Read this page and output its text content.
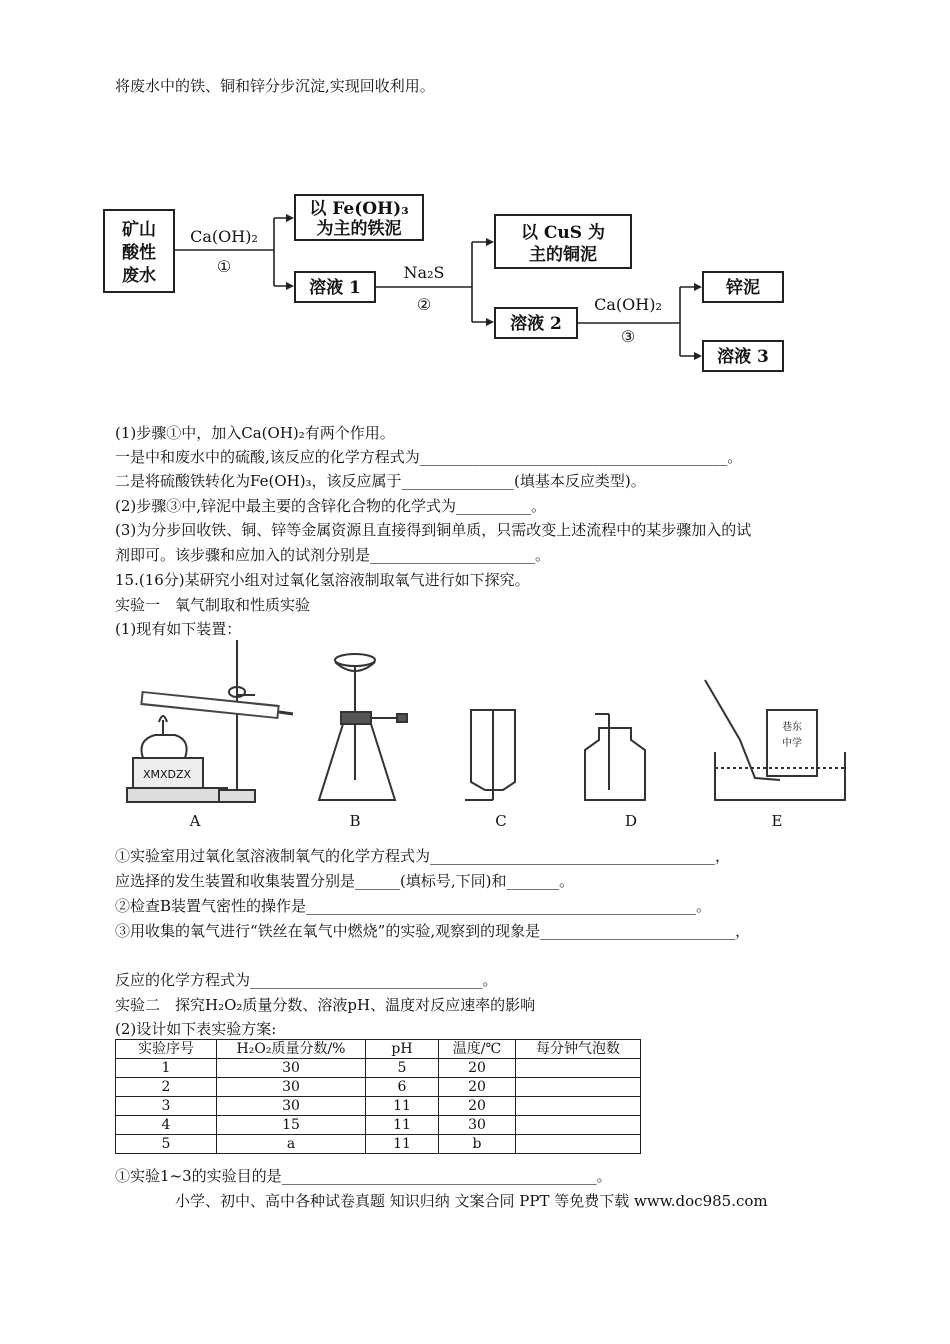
将废水中的铁、铜和锌分步沉淀,实现回收利用。
矿山
酸性
废水
Ca(OH)₂
①
以 Fe(OH)₃
为主的铁泥
溶液 1
Na₂S
②
以 CuS 为
主的铜泥
溶液 2
Ca(OH)₂
③
锌泥
溶液 3
(1)步骤①中，加入Ca(OH)₂有两个作用。
一是中和废水中的硫酸,该反应的化学方程式为_________________________________________。
二是将硫酸铁转化为Fe(OH)₃，该反应属于_______________(填基本反应类型)。
(2)步骤③中,锌泥中最主要的含锌化合物的化学式为__________。
(3)为分步回收铁、铜、锌等金属资源且直接得到铜单质，只需改变上述流程中的某步骤加入的试
剂即可。该步骤和应加入的试剂分别是______________________。
15.(16分)某研究小组对过氧化氢溶液制取氧气进行如下探究。
实验一　氧气制取和性质实验
(1)现有如下装置：
XMXDZX
巷东
中学
A	B	C	D	E
①实验室用过氧化氢溶液制氧气的化学方程式为______________________________________，
应选择的发生装置和收集装置分别是______(填标号,下同)和_______。
②检查B装置气密性的操作是____________________________________________________。
③用收集的氧气进行“铁丝在氧气中燃烧”的实验,观察到的现象是__________________________，
反应的化学方程式为_______________________________。
实验二　探究H₂O₂质量分数、溶液pH、温度对反应速率的影响
(2)设计如下表实验方案:
实验序号	H₂O₂质量分数/%	pH	温度/℃	每分钟气泡数
1	30	5	20	
2	30	6	20	
3	30	11	20	
4	15	11	30	
5	a	11	b	
①实验1~3的实验目的是__________________________________________。
小学、初中、高中各种试卷真题 知识归纳 文案合同 PPT 等免费下载 www.doc985.com
